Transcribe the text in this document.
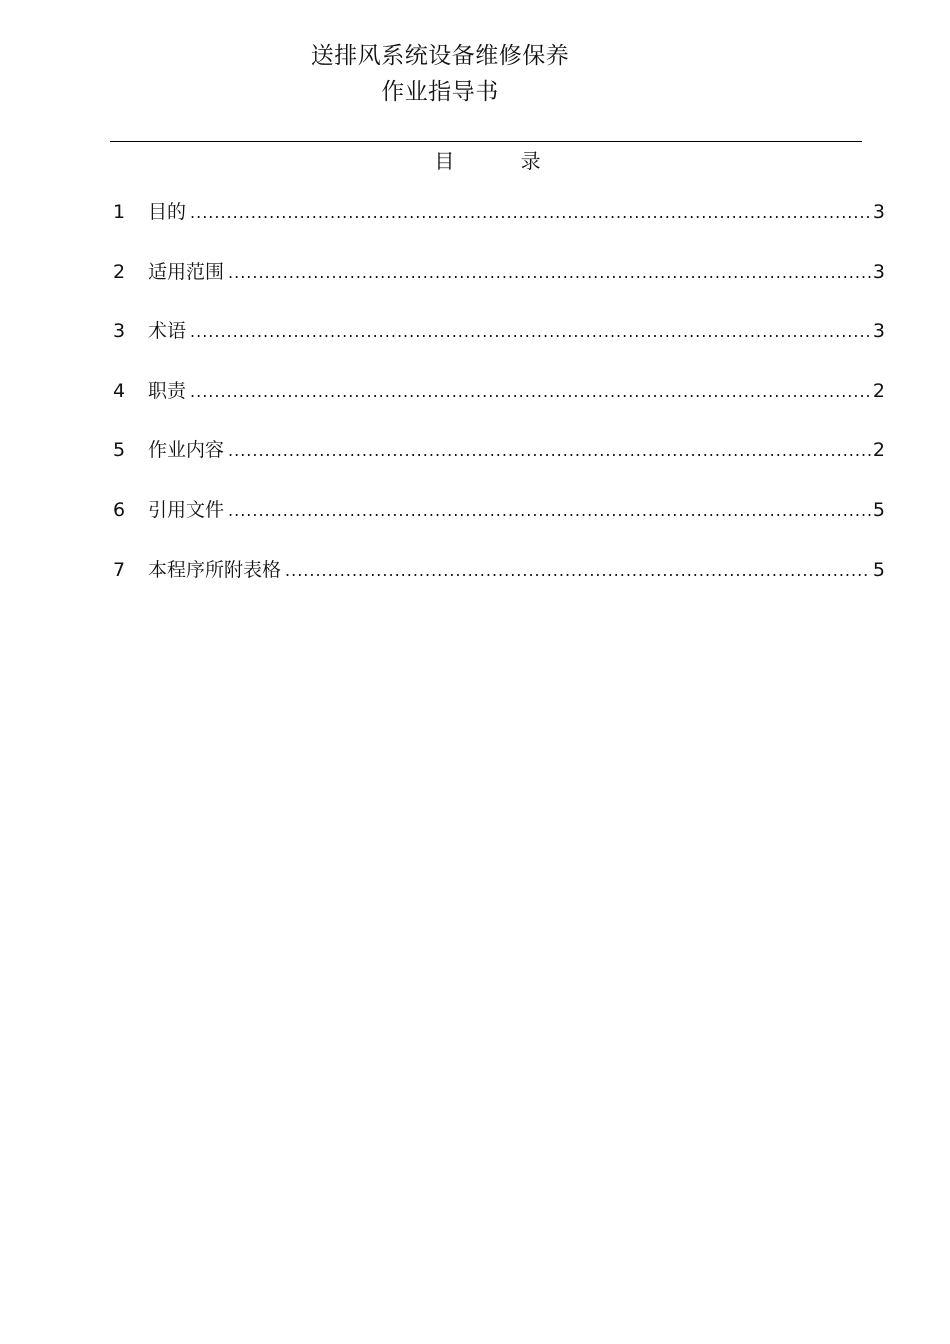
送排风系统设备维修保养
作业指导书
目 录
1	目的 .....	3
2	适用范围 .....	3
3	术语 .....	3
4	职责 .....	2
5	作业内容 .....	2
6	引用文件 .....	5
7	本程序所附表格 .....	5
